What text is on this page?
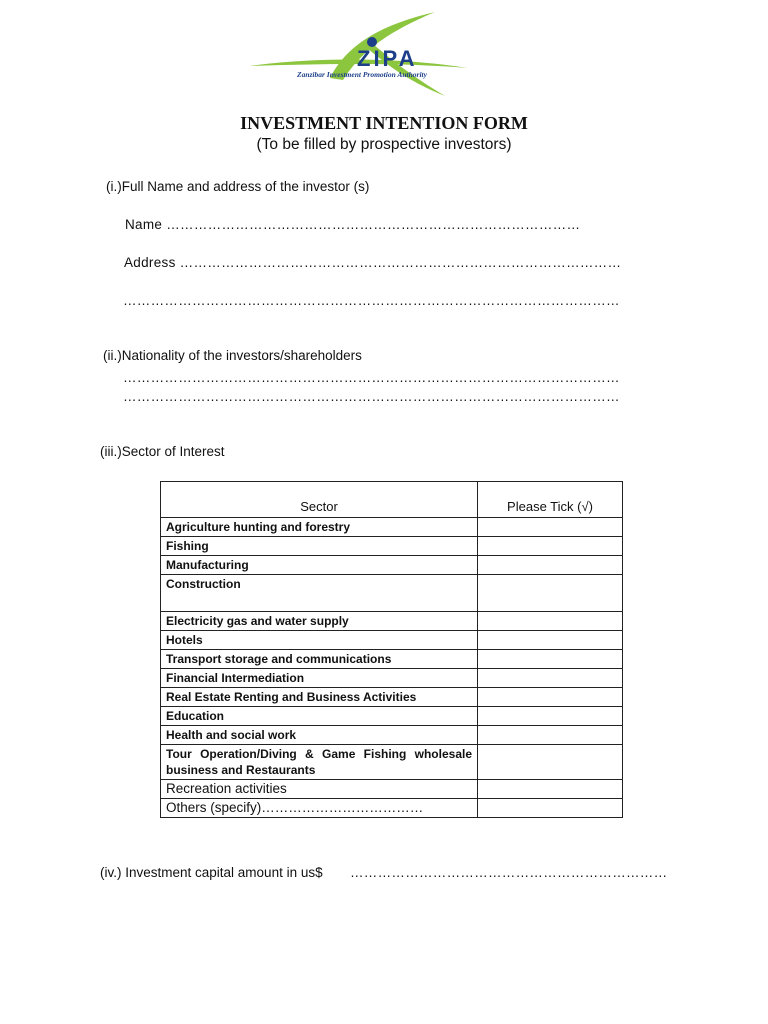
ZIPA
Zanzibar Investment Promotion Authority
INVESTMENT INTENTION FORM
(To be filled by prospective investors)
(i.)Full Name and address of the investor (s)
Name ………………………………………………………………………………
Address ……………………………………………………………………………………
………………………………………………………………………………………………
(ii.)Nationality of the investors/shareholders
………………………………………………………………………………………………
………………………………………………………………………………………………
(iii.)Sector of Interest
Sector	Please Tick (√)
Agriculture hunting and forestry	
Fishing	
Manufacturing	
Construction	
Electricity gas and water supply	
Hotels	
Transport storage and communications	
Financial Intermediation	
Real Estate Renting and Business Activities	
Education	
Health and social work	
Tour Operation/Diving & Game Fishing wholesale business and Restaurants	
Recreation activities	
Others (specify)………………………………	
(iv.) Investment capital amount in us$ ……………………………………………………………
